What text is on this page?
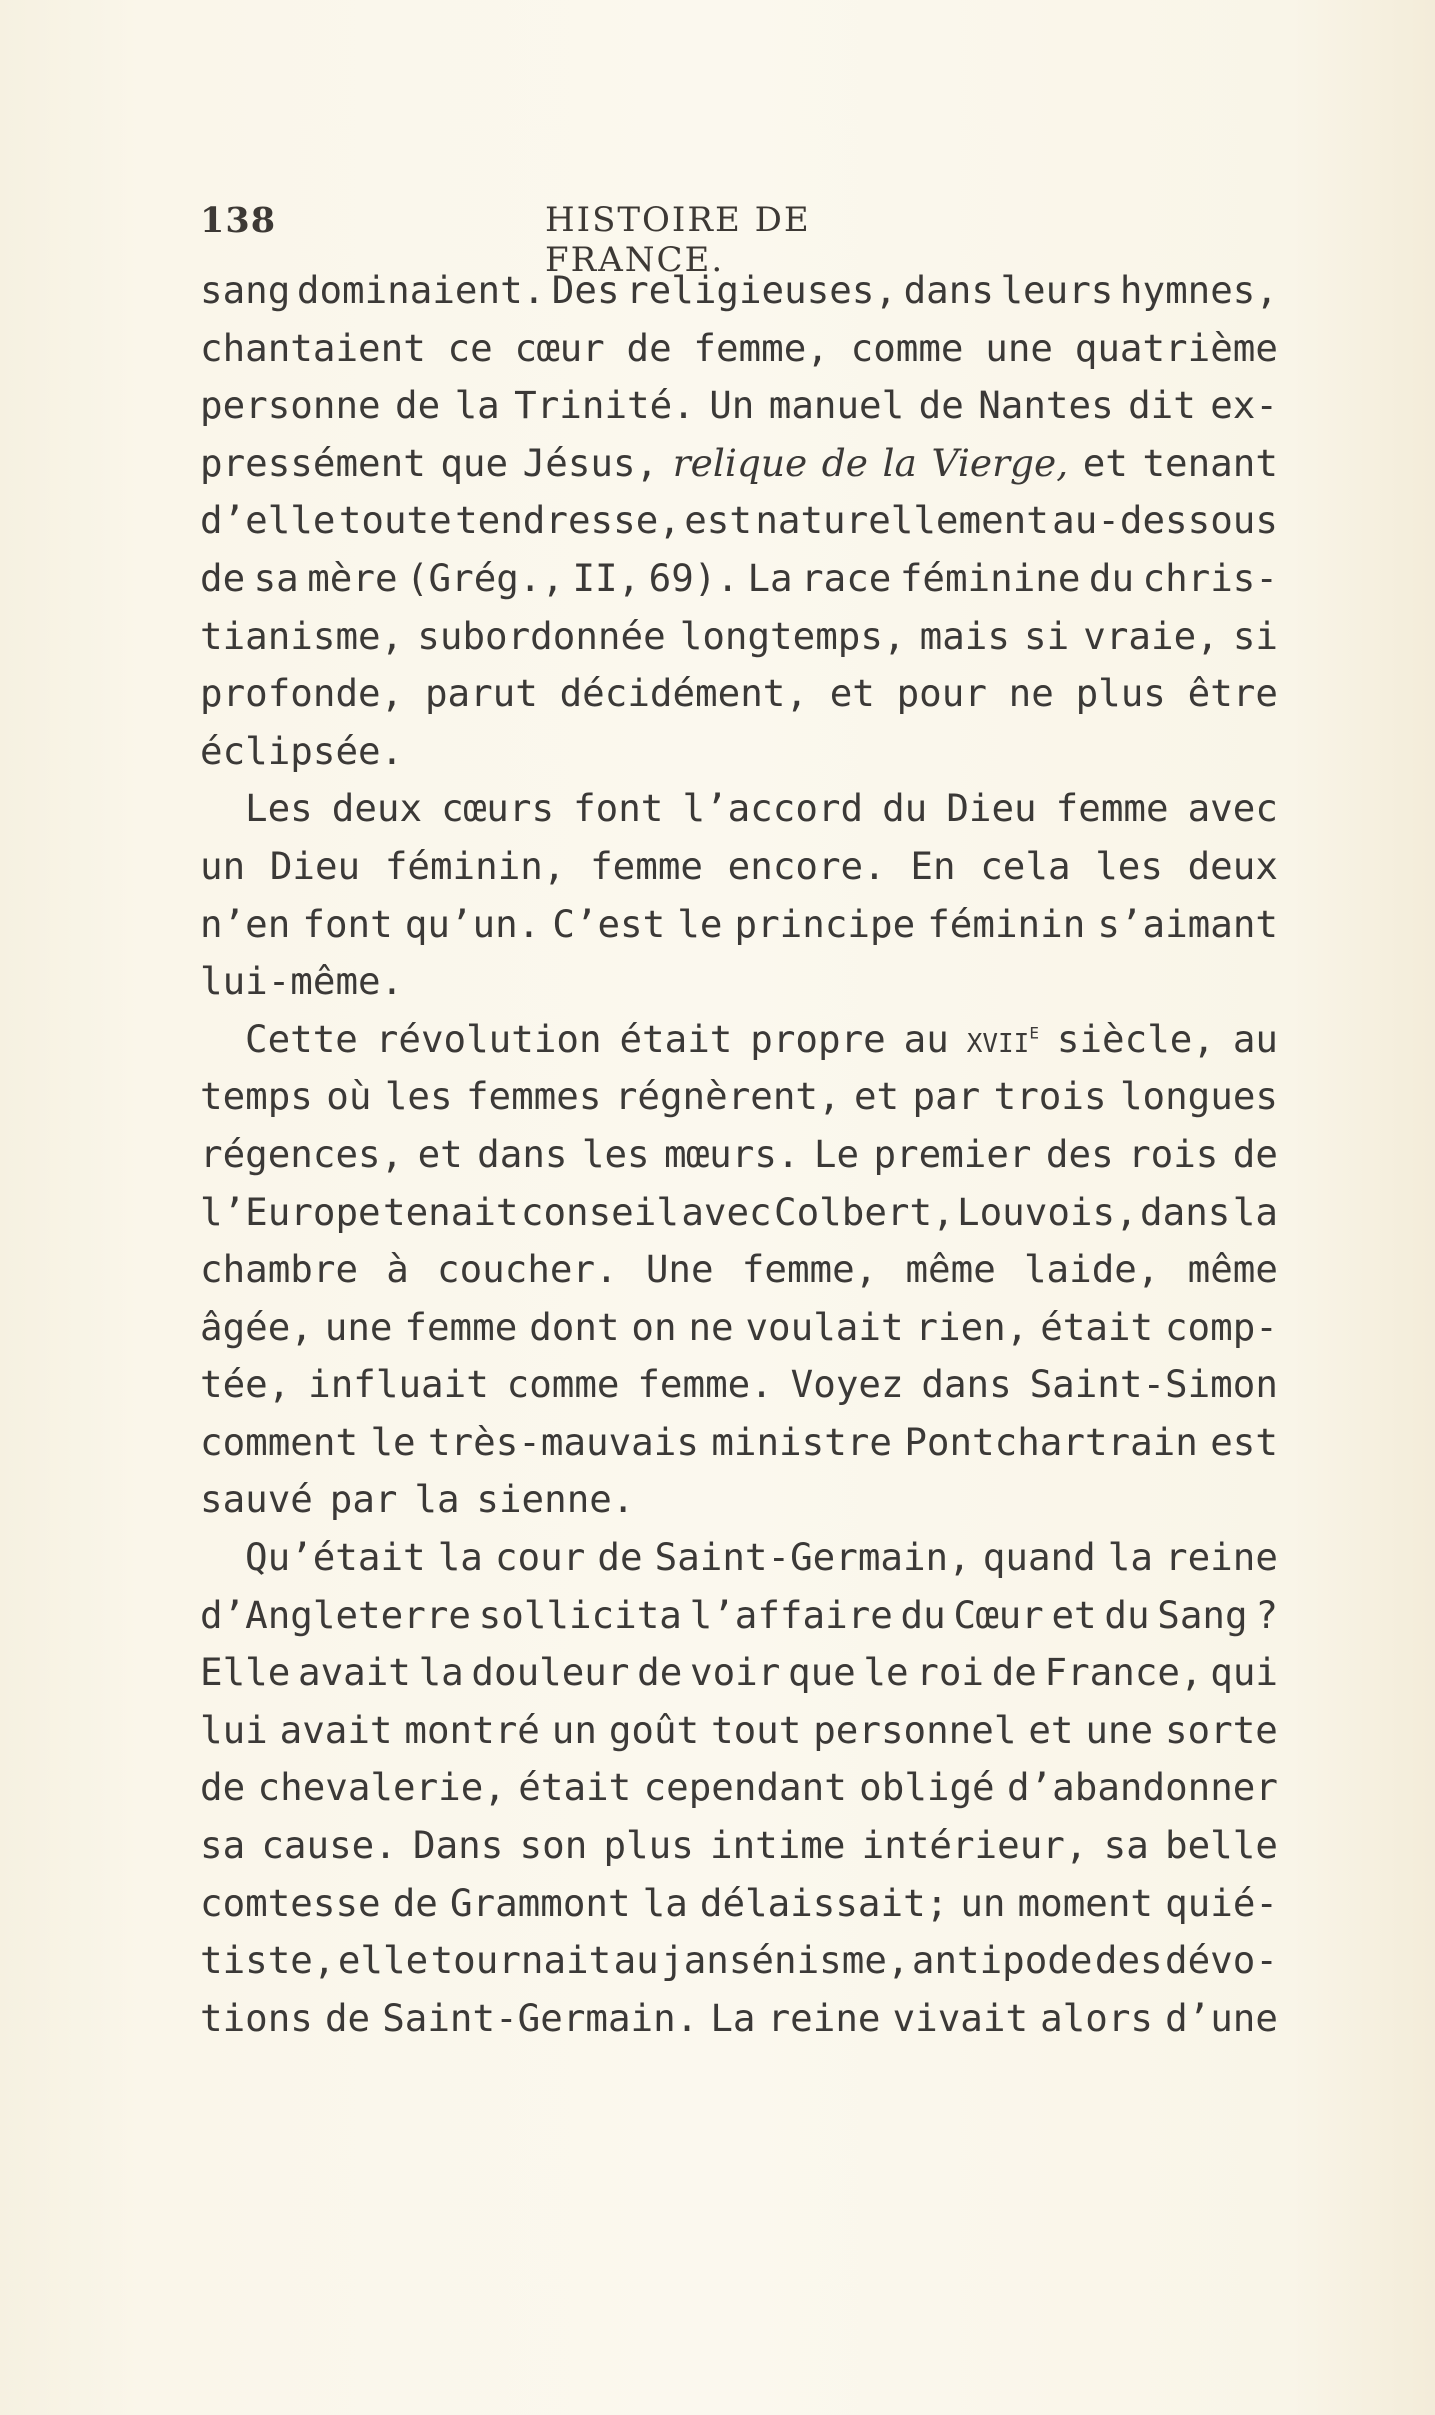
138	HISTOIRE DE FRANCE.
sang dominaient. Des religieuses, dans leurs hymnes,
chantaient ce cœur de femme, comme une quatrième
personne de la Trinité. Un manuel de Nantes dit ex-
pressément que Jésus, relique de la Vierge, et tenant
d’elle toute tendresse, est naturellement au-dessous
de sa mère (Grég., II, 69). La race féminine du chris-
tianisme, subordonnée longtemps, mais si vraie, si
profonde, parut décidément, et pour ne plus être
éclipsée.
Les deux cœurs font l’accord du Dieu femme avec
un Dieu féminin, femme encore. En cela les deux
n’en font qu’un. C’est le principe féminin s’aimant
lui-même.
Cette révolution était propre au xvii$^e$ siècle, au
temps où les femmes régnèrent, et par trois longues
régences, et dans les mœurs. Le premier des rois de
l’Europe tenait conseil avec Colbert, Louvois, dans la
chambre à coucher. Une femme, même laide, même
âgée, une femme dont on ne voulait rien, était comp-
tée, influait comme femme. Voyez dans Saint-Simon
comment le très-mauvais ministre Pontchartrain est
sauvé par la sienne.
Qu’était la cour de Saint-Germain, quand la reine
d’Angleterre sollicita l’affaire du Cœur et du Sang ?
Elle avait la douleur de voir que le roi de France, qui
lui avait montré un goût tout personnel et une sorte
de chevalerie, était cependant obligé d’abandonner
sa cause. Dans son plus intime intérieur, sa belle
comtesse de Grammont la délaissait; un moment quié-
tiste, elle tournait au jansénisme, antipode des dévo-
tions de Saint-Germain. La reine vivait alors d’une
